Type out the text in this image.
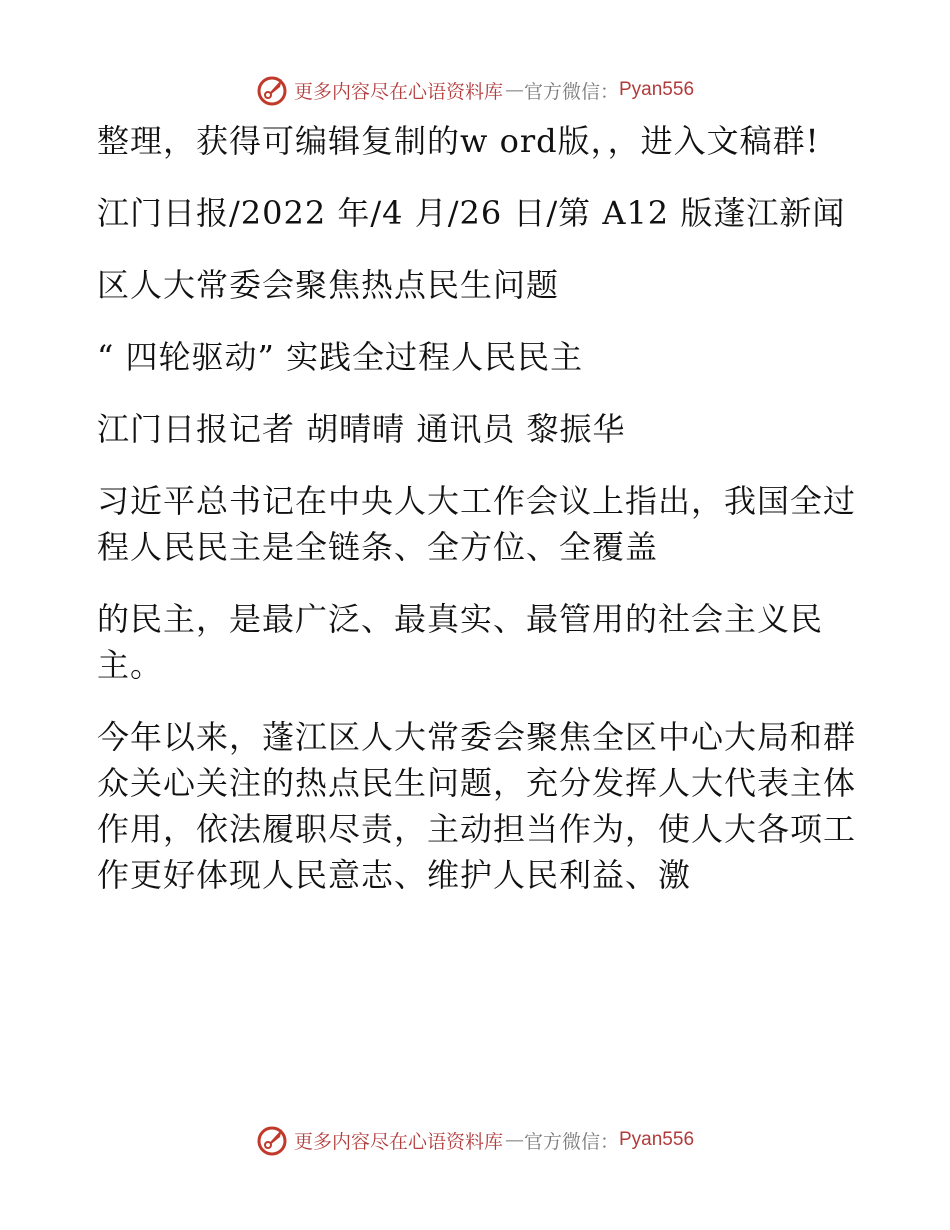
更多内容尽在心语资料库 — 官方微信： Pyan556

整理，获得可编辑复制的w ord版，，进入文稿群!

江门日报/2022 年/4 月/26 日/第 A12 版蓬江新闻

区人大常委会聚焦热点民生问题

“ 四轮驱动” 实践全过程人民民主

江门日报记者 胡晴晴 通讯员 黎振华

习近平总书记在中央人大工作会议上指出，我国全过程人民民主是全链条、全方位、全覆盖

的民主，是最广泛、最真实、最管用的社会主义民主。

今年以来，蓬江区人大常委会聚焦全区中心大局和群众关心关注的热点民生问题，充分发挥人大代表主体作用，依法履职尽责，主动担当作为，使人大各项工作更好体现人民意志、维护人民利益、激

更多内容尽在心语资料库 — 官方微信： Pyan556
